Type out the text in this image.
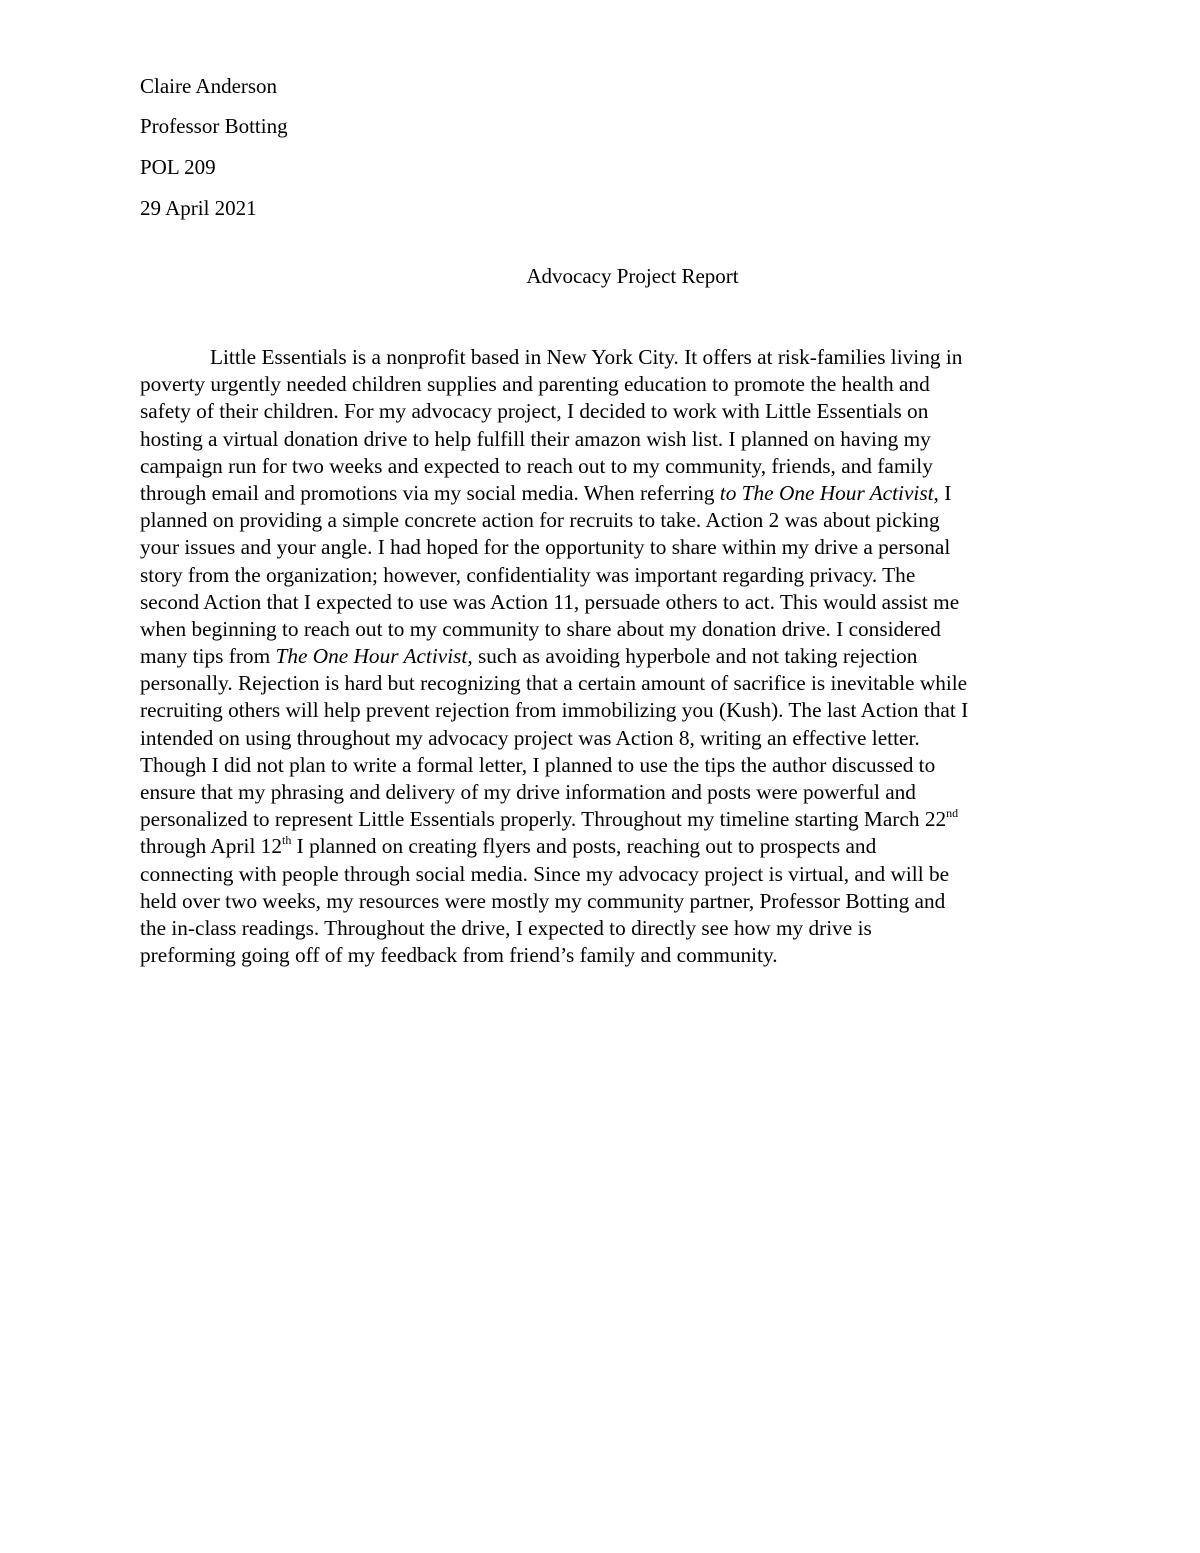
Claire Anderson
Professor Botting
POL 209
29 April 2021
Advocacy Project Report
Little Essentials is a nonprofit based in New York City. It offers at risk-families living in
poverty urgently needed children supplies and parenting education to promote the health and
safety of their children. For my advocacy project, I decided to work with Little Essentials on
hosting a virtual donation drive to help fulfill their amazon wish list. I planned on having my
campaign run for two weeks and expected to reach out to my community, friends, and family
through email and promotions via my social media. When referring to The One Hour Activist, I
planned on providing a simple concrete action for recruits to take. Action 2 was about picking
your issues and your angle. I had hoped for the opportunity to share within my drive a personal
story from the organization; however, confidentiality was important regarding privacy. The
second Action that I expected to use was Action 11, persuade others to act. This would assist me
when beginning to reach out to my community to share about my donation drive. I considered
many tips from The One Hour Activist, such as avoiding hyperbole and not taking rejection
personally. Rejection is hard but recognizing that a certain amount of sacrifice is inevitable while
recruiting others will help prevent rejection from immobilizing you (Kush). The last Action that I
intended on using throughout my advocacy project was Action 8, writing an effective letter.
Though I did not plan to write a formal letter, I planned to use the tips the author discussed to
ensure that my phrasing and delivery of my drive information and posts were powerful and
personalized to represent Little Essentials properly. Throughout my timeline starting March 22nd
through April 12th I planned on creating flyers and posts, reaching out to prospects and
connecting with people through social media. Since my advocacy project is virtual, and will be
held over two weeks, my resources were mostly my community partner, Professor Botting and
the in-class readings. Throughout the drive, I expected to directly see how my drive is
preforming going off of my feedback from friend’s family and community.
